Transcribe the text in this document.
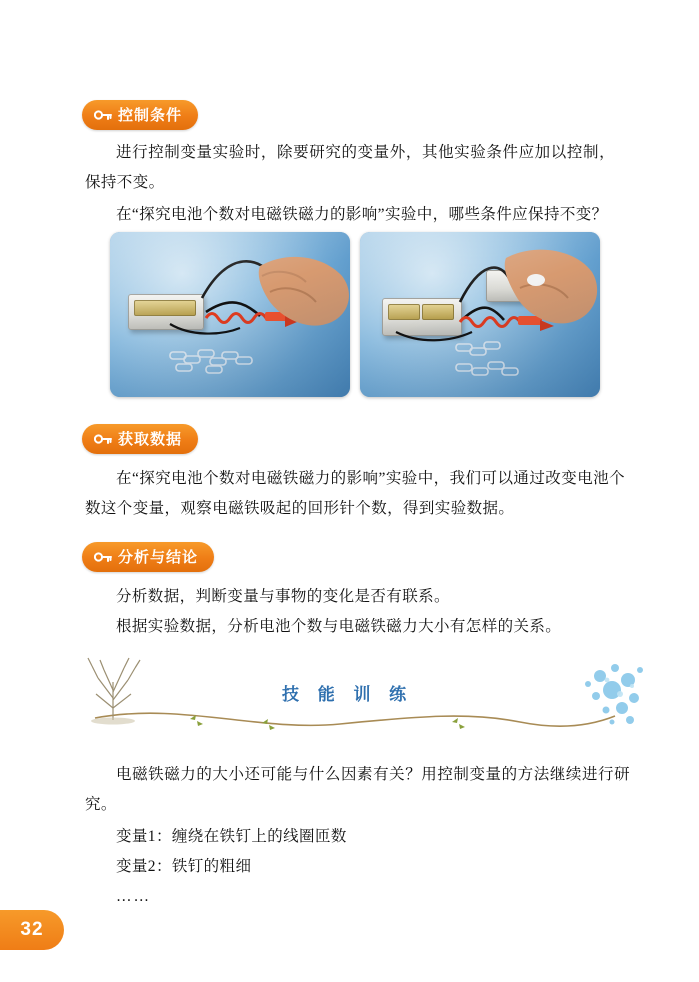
控制条件
进行控制变量实验时，除要研究的变量外，其他实验条件应加以控制，保持不变。
在“探究电池个数对电磁铁磁力的影响”实验中，哪些条件应保持不变？
获取数据
在“探究电池个数对电磁铁磁力的影响”实验中，我们可以通过改变电池个数这个变量，观察电磁铁吸起的回形针个数，得到实验数据。
分析与结论
分析数据，判断变量与事物的变化是否有联系。
根据实验数据，分析电池个数与电磁铁磁力大小有怎样的关系。
技 能 训 练
电磁铁磁力的大小还可能与什么因素有关？用控制变量的方法继续进行研究。
变量1：缠绕在铁钉上的线圈匝数
变量2：铁钉的粗细
……
32
